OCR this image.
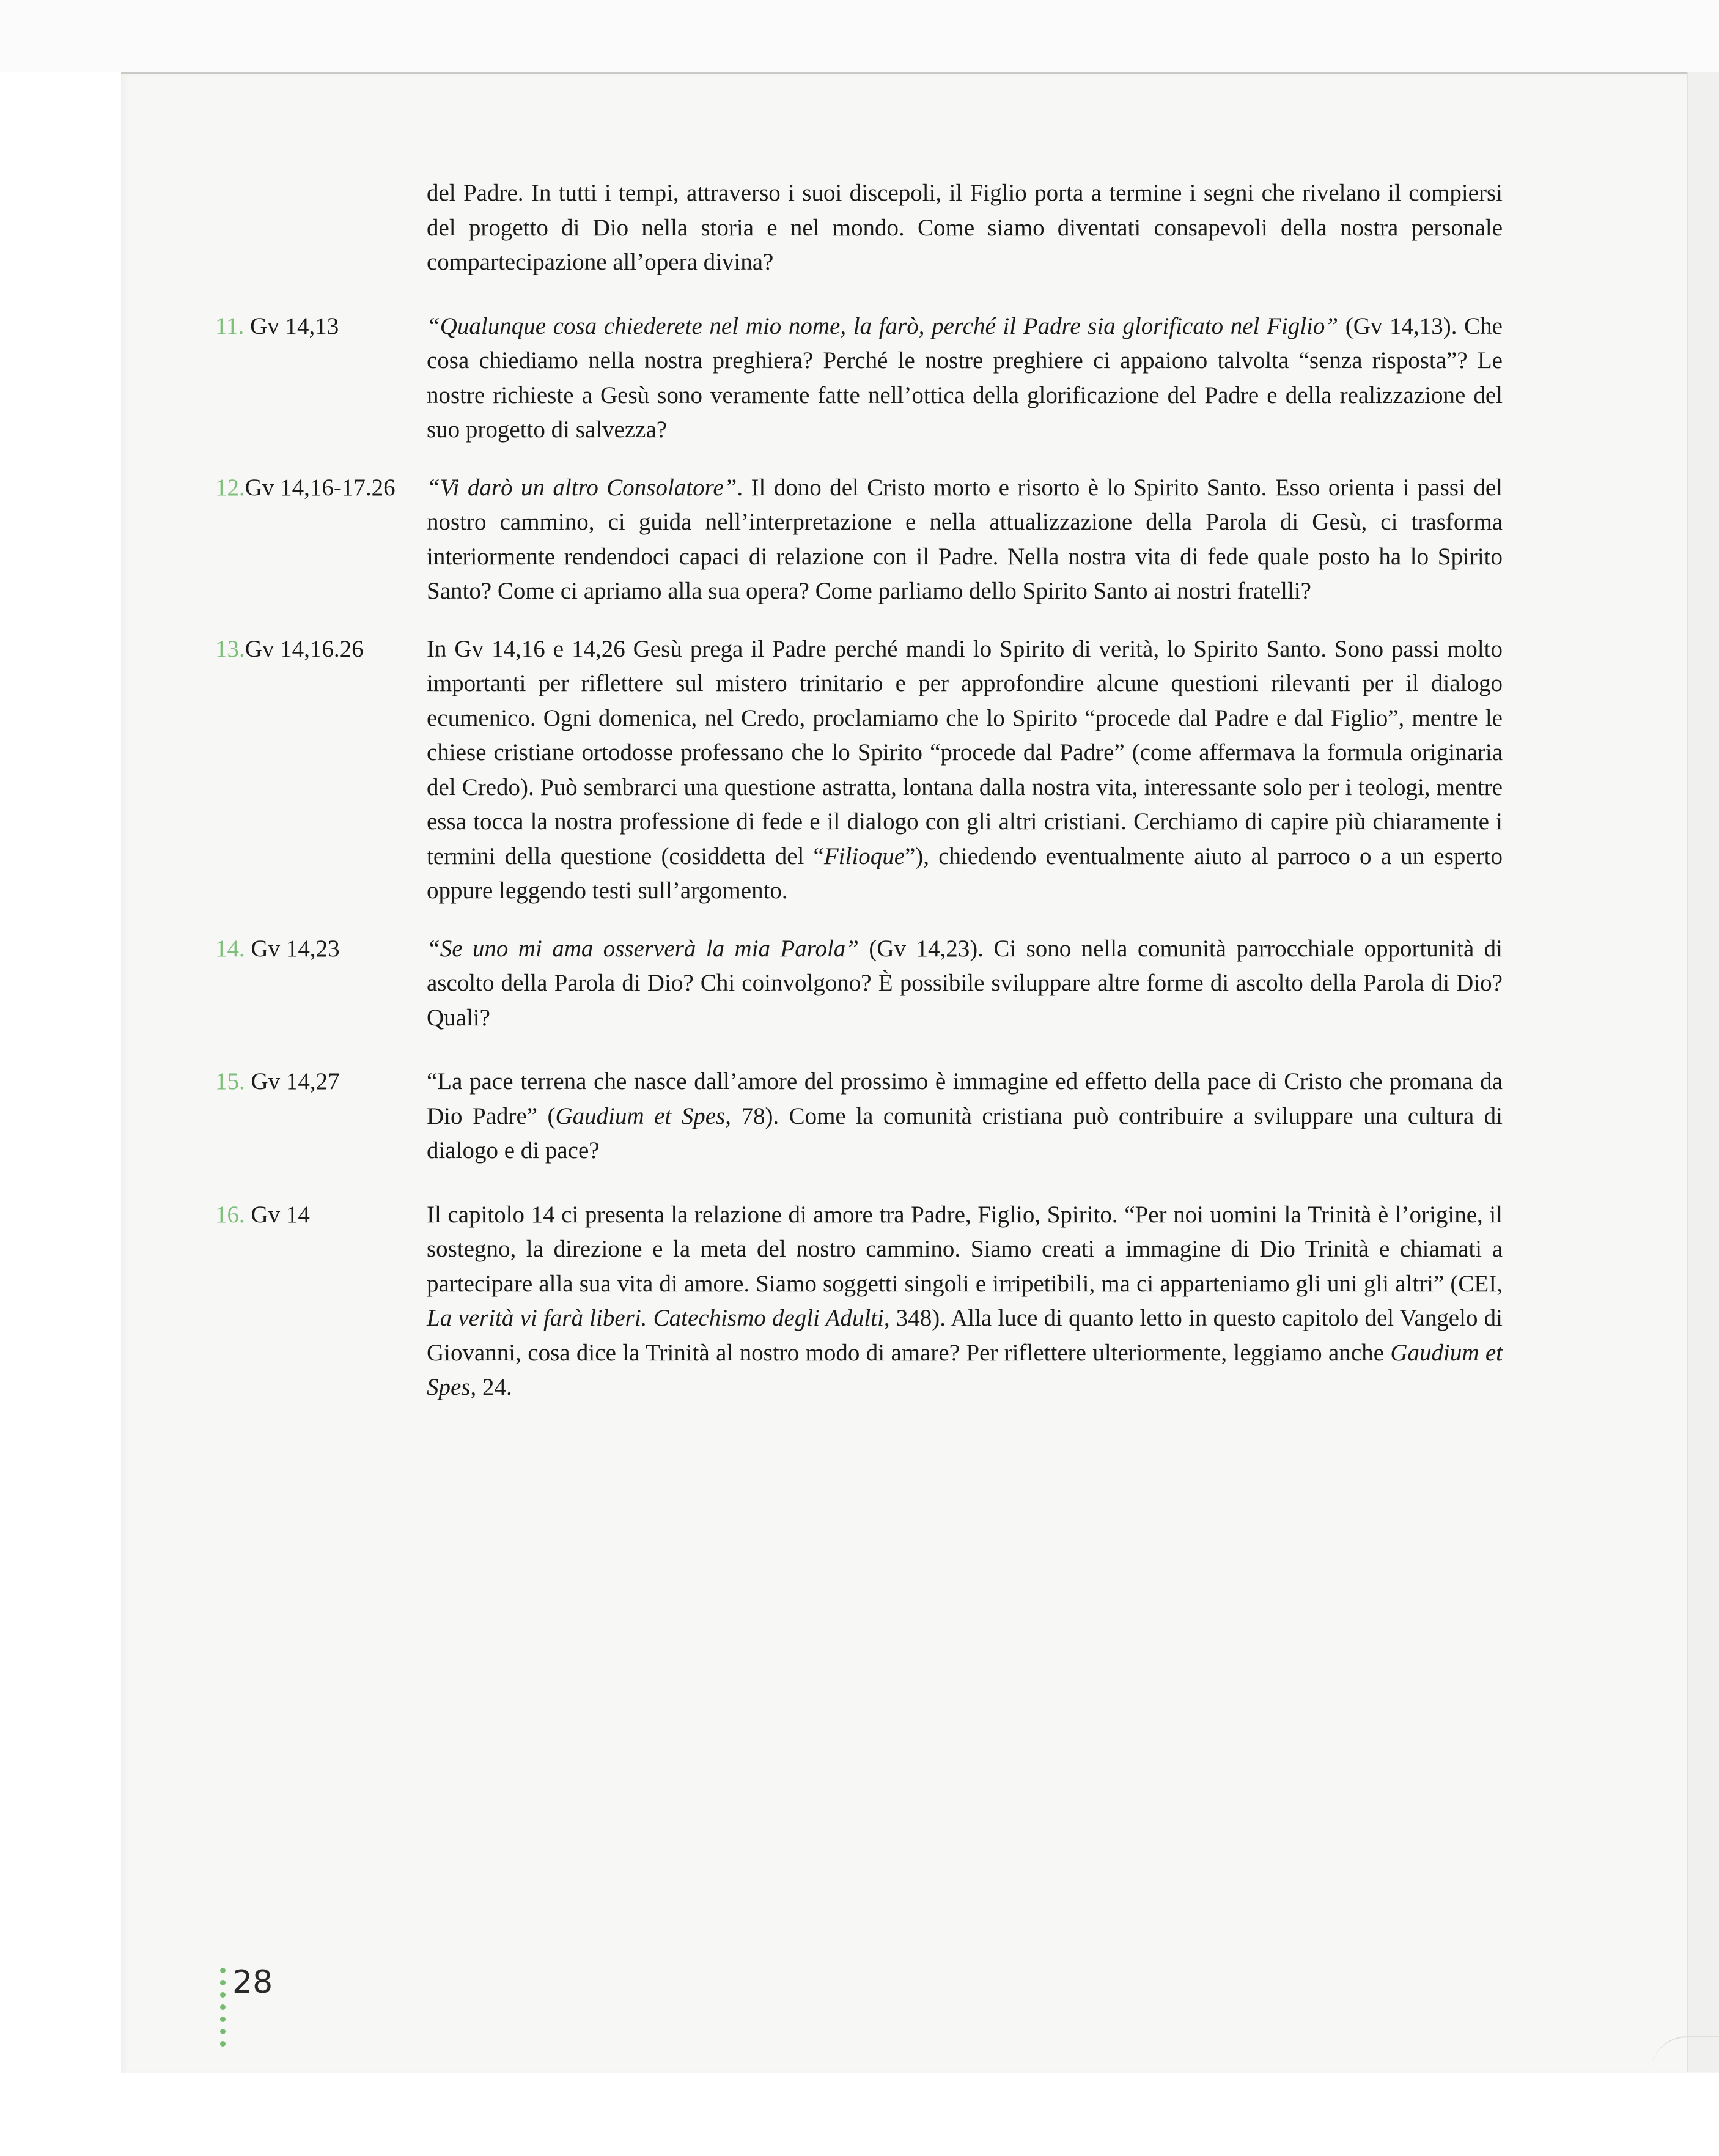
del Padre. In tutti i tempi, attraverso i suoi discepoli, il Figlio porta a termine i segni che rivelano il compiersi del progetto di Dio nella storia e nel mondo. Come siamo diventati consapevoli della nostra personale compartecipazione all’opera divina?

11. Gv 14,13	“Qualunque cosa chiederete nel mio nome, la farò, perché il Padre sia glorificato nel Figlio” (Gv 14,13). Che cosa chiediamo nella nostra preghiera? Perché le nostre preghiere ci appaiono talvolta “senza risposta”? Le nostre richieste a Gesù sono veramente fatte nell’ottica della glorificazione del Padre e della realizzazione del suo progetto di salvezza?
12.Gv 14,16-17.26	“Vi darò un altro Consolatore”. Il dono del Cristo morto e risorto è lo Spirito Santo. Esso orienta i passi del nostro cammino, ci guida nell’interpretazione e nella attualizzazione della Parola di Gesù, ci trasforma interiormente rendendoci capaci di relazione con il Padre. Nella nostra vita di fede quale posto ha lo Spirito Santo? Come ci apriamo alla sua opera? Come parliamo dello Spirito Santo ai nostri fratelli?
13.Gv 14,16.26	In Gv 14,16 e 14,26 Gesù prega il Padre perché mandi lo Spirito di verità, lo Spirito Santo. Sono passi molto importanti per riflettere sul mistero trinitario e per approfondire alcune questioni rilevanti per il dialogo ecumenico. Ogni domenica, nel Credo, proclamiamo che lo Spirito “procede dal Padre e dal Figlio”, mentre le chiese cristiane ortodosse professano che lo Spirito “procede dal Padre” (come affermava la formula originaria del Credo). Può sembrarci una questione astratta, lontana dalla nostra vita, interessante solo per i teologi, mentre essa tocca la nostra professione di fede e il dialogo con gli altri cristiani. Cerchiamo di capire più chiaramente i termini della questione (cosiddetta del “Filioque”), chiedendo eventualmente aiuto al parroco o a un esperto oppure leggendo testi sull’argomento.
14. Gv 14,23	“Se uno mi ama osserverà la mia Parola” (Gv 14,23). Ci sono nella comunità parrocchiale opportunità di ascolto della Parola di Dio? Chi coinvolgono? È possibile sviluppare altre forme di ascolto della Parola di Dio? Quali?
15. Gv 14,27	“La pace terrena che nasce dall’amore del prossimo è immagine ed effetto della pace di Cristo che promana da Dio Padre” (Gaudium et Spes, 78). Come la comunità cristiana può contribuire a sviluppare una cultura di dialogo e di pace?
16. Gv 14	Il capitolo 14 ci presenta la relazione di amore tra Padre, Figlio, Spirito. “Per noi uomini la Trinità è l’origine, il sostegno, la direzione e la meta del nostro cammino. Siamo creati a immagine di Dio Trinità e chiamati a partecipare alla sua vita di amore. Siamo soggetti singoli e irripetibili, ma ci apparteniamo gli uni gli altri” (CEI, La verità vi farà liberi. Catechismo degli Adulti, 348). Alla luce di quanto letto in questo capitolo del Vangelo di Giovanni, cosa dice la Trinità al nostro modo di amare? Per riflettere ulteriormente, leggiamo anche Gaudium et Spes, 24.
28
